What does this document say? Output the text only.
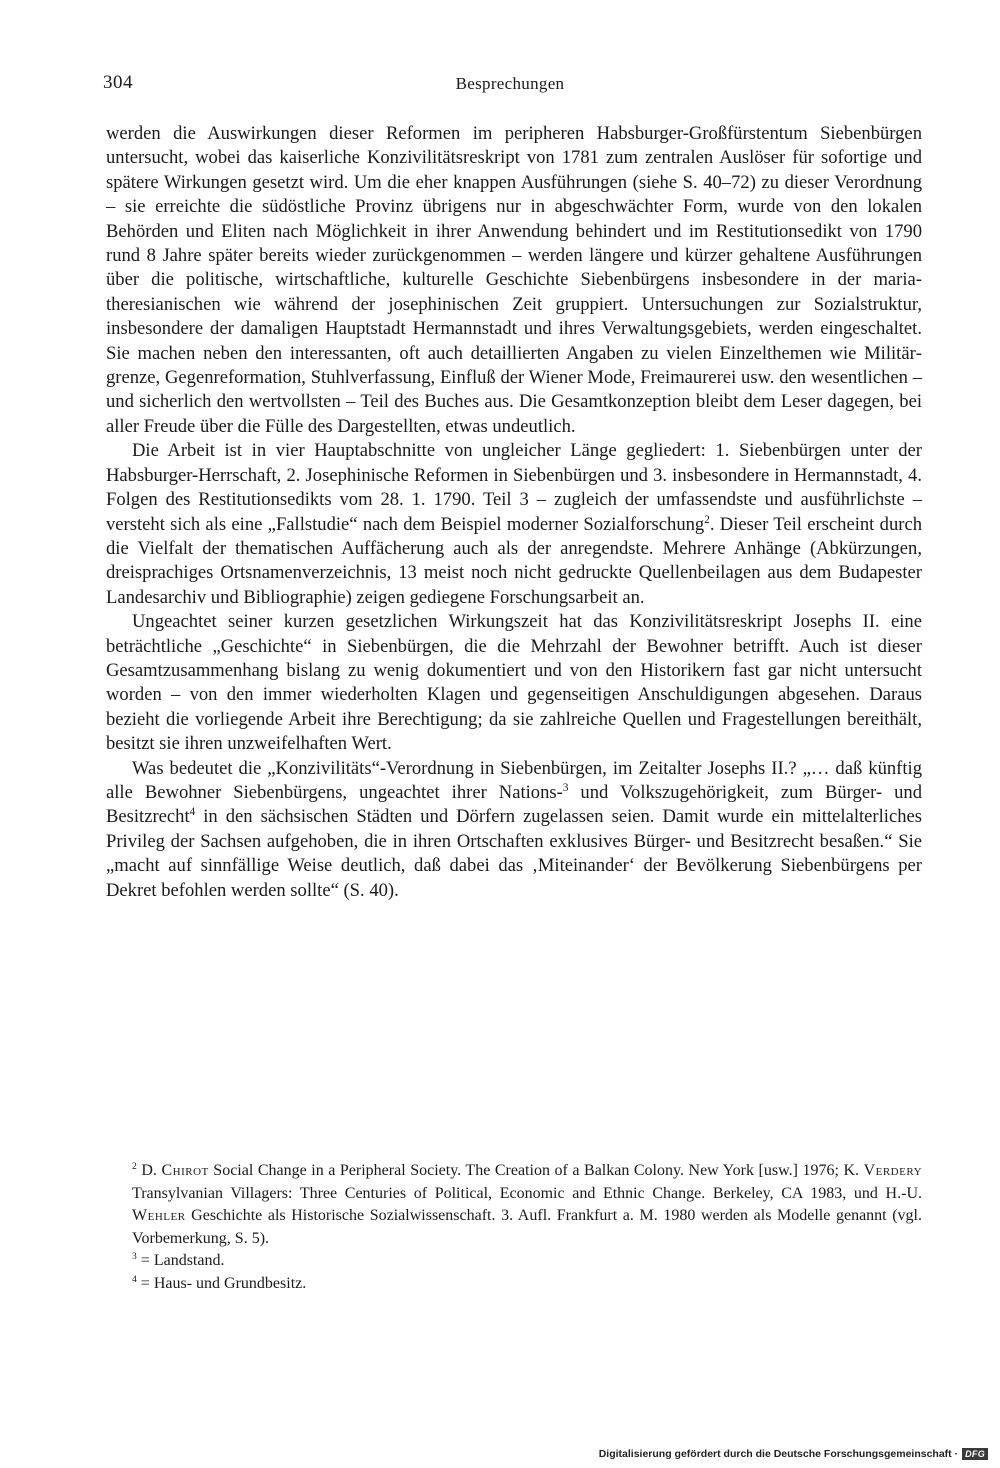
304	Besprechungen

werden die Auswirkungen dieser Reformen im peripheren Habsburger-Großfürstentum Siebenbürgen untersucht, wobei das kaiserliche Konzivilitätsreskript von 1781 zum zentralen Auslöser für sofortige und spätere Wirkungen gesetzt wird. Um die eher knappen Ausführungen (siehe S. 40–72) zu dieser Verordnung – sie erreichte die südöstliche Provinz übrigens nur in abgeschwächter Form, wurde von den lokalen Behörden und Eliten nach Möglichkeit in ihrer Anwendung behindert und im Restitutionsedikt von 1790 rund 8 Jahre später bereits wieder zurückgenommen – werden längere und kürzer gehaltene Ausführungen über die politische, wirtschaftliche, kulturelle Geschichte Siebenbürgens insbesondere in der maria-theresianischen wie während der josephinischen Zeit gruppiert. Untersuchungen zur Sozialstruktur, insbesondere der damaligen Hauptstadt Hermannstadt und ihres Verwaltungsgebiets, werden eingeschaltet. Sie machen neben den interessanten, oft auch detaillierten Angaben zu vielen Einzelthemen wie Militärgrenze, Gegenreformation, Stuhlverfassung, Einfluß der Wiener Mode, Freimaurerei usw. den wesentlichen – und sicherlich den wertvollsten – Teil des Buches aus. Die Gesamtkonzeption bleibt dem Leser dagegen, bei aller Freude über die Fülle des Dargestellten, etwas undeutlich.

Die Arbeit ist in vier Hauptabschnitte von ungleicher Länge gegliedert: 1. Siebenbürgen unter der Habsburger-Herrschaft, 2. Josephinische Reformen in Siebenbürgen und 3. insbesondere in Hermannstadt, 4. Folgen des Restitutionsedikts vom 28. 1. 1790. Teil 3 – zugleich der umfassendste und ausführlichste – versteht sich als eine „Fallstudie“ nach dem Beispiel moderner Sozialforschung$^2$. Dieser Teil erscheint durch die Vielfalt der thematischen Auffächerung auch als der anregendste. Mehrere Anhänge (Abkürzungen, dreisprachiges Ortsnamenverzeichnis, 13 meist noch nicht gedruckte Quellenbeilagen aus dem Budapester Landesarchiv und Bibliographie) zeigen gediegene Forschungsarbeit an.

Ungeachtet seiner kurzen gesetzlichen Wirkungszeit hat das Konzivilitätsreskript Josephs II. eine beträchtliche „Geschichte“ in Siebenbürgen, die die Mehrzahl der Bewohner betrifft. Auch ist dieser Gesamtzusammenhang bislang zu wenig dokumentiert und von den Historikern fast gar nicht untersucht worden – von den immer wiederholten Klagen und gegenseitigen Anschuldigungen abgesehen. Daraus bezieht die vorliegende Arbeit ihre Berechtigung; da sie zahlreiche Quellen und Fragestellungen bereithält, besitzt sie ihren unzweifelhaften Wert.

Was bedeutet die „Konzivilitäts“-Verordnung in Siebenbürgen, im Zeitalter Josephs II.? „… daß künftig alle Bewohner Siebenbürgens, ungeachtet ihrer Nations-$^3$ und Volkszugehörigkeit, zum Bürger- und Besitzrecht$^4$ in den sächsischen Städten und Dörfern zugelassen seien. Damit wurde ein mittelalterliches Privileg der Sachsen aufgehoben, die in ihren Ortschaften exklusives Bürger- und Besitzrecht besaßen.“ Sie „macht auf sinnfällige Weise deutlich, daß dabei das ‚Miteinander‘ der Bevölkerung Siebenbürgens per Dekret befohlen werden sollte“ (S. 40).

$^2$ D. Chirot Social Change in a Peripheral Society. The Creation of a Balkan Colony. New York [usw.] 1976; K. Verdery Transylvanian Villagers: Three Centuries of Political, Economic and Ethnic Change. Berkeley, CA 1983, und H.-U. Wehler Geschichte als Historische Sozialwissenschaft. 3. Aufl. Frankfurt a. M. 1980 werden als Modelle genannt (vgl. Vorbemerkung, S. 5).

$^3$ = Landstand.

$^4$ = Haus- und Grundbesitz.

Digitalisierung gefördert durch die Deutsche Forschungsgemeinschaft · DFG
